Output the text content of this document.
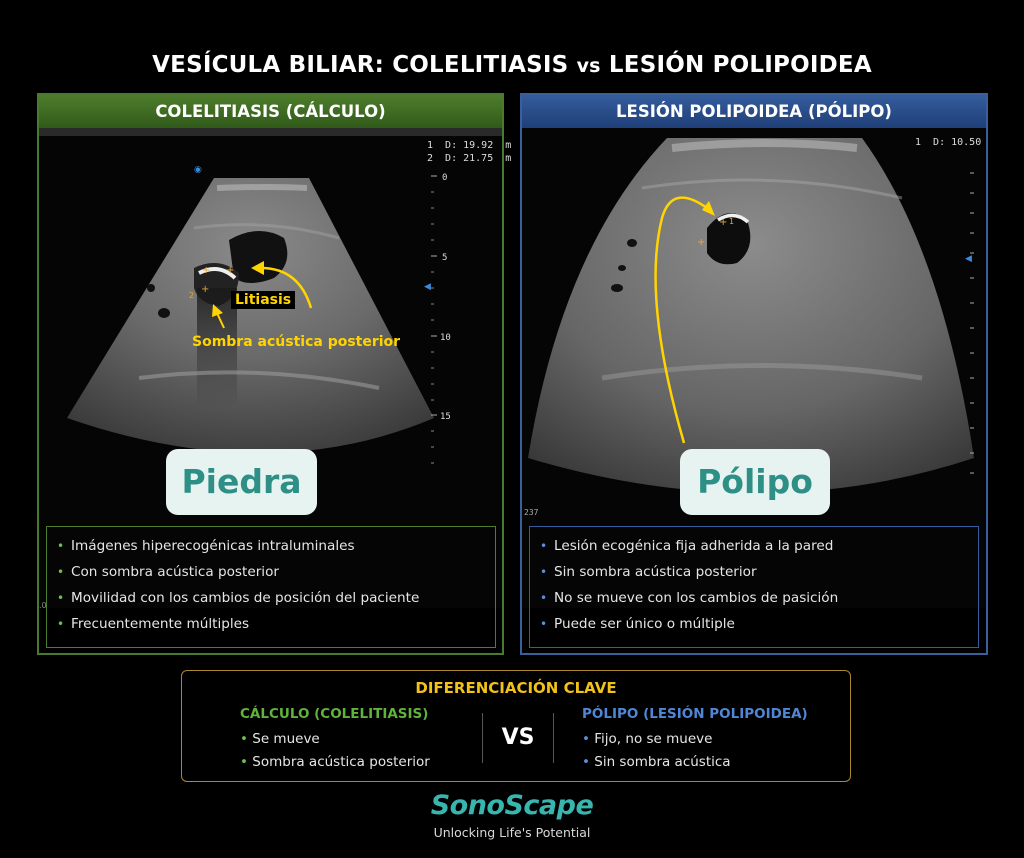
VESÍCULA BILIAR: COLELITIASIS vs LESIÓN POLIPOIDEA
COLELITIASIS (CÁLCULO)
◉
+ +
+
2
.0
◀
0
5
10
15
1  D: 19.92  m
2  D: 21.75  m
Litiasis
Sombra acústica posterior
Piedra
• Imágenes hiperecogénicas intraluminales
• Con sombra acústica posterior
• Movilidad con los cambios de posición del paciente
• Frecuentemente múltiples
LESIÓN POLIPOIDEA (PÓLIPO)
+
+ 1
◀
1  D: 10.50
237
Pólipo
• Lesión ecogénica fija adherida a la pared
• Sin sombra acústica posterior
• No se mueve con los cambios de pasición
• Puede ser único o múltiple
DIFERENCIACIÓN CLAVE
CÁLCULO (COLELITIASIS)
• Se mueve
• Sombra acústica posterior
VS
PÓLIPO (LESIÓN POLIPOIDEA)
• Fijo, no se mueve
• Sin sombra acústica
SonoScape
Unlocking Life's Potential
